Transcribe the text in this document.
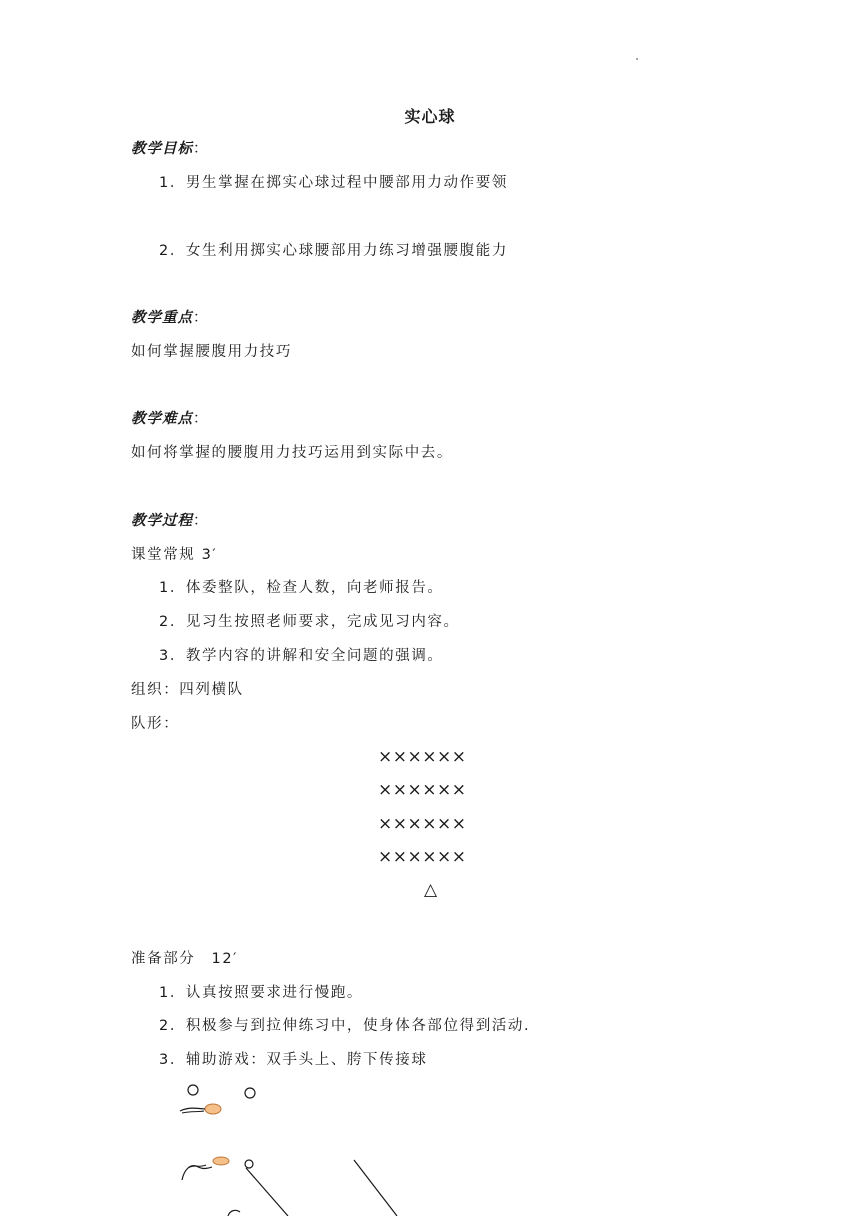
实心球
教学目标：
1．男生掌握在掷实心球过程中腰部用力动作要领
2．女生利用掷实心球腰部用力练习增强腰腹能力
教学重点：
如何掌握腰腹用力技巧
教学难点：
如何将掌握的腰腹用力技巧运用到实际中去。
教学过程：
课堂常规 3′
1．体委整队，检查人数，向老师报告。
2．见习生按照老师要求，完成见习内容。
3．教学内容的讲解和安全问题的强调。
组织：四列横队
队形：
××××××
××××××
××××××
××××××
△
准备部分　12′
1．认真按照要求进行慢跑。
2．积极参与到拉伸练习中，使身体各部位得到活动.
3．辅助游戏：双手头上、胯下传接球
